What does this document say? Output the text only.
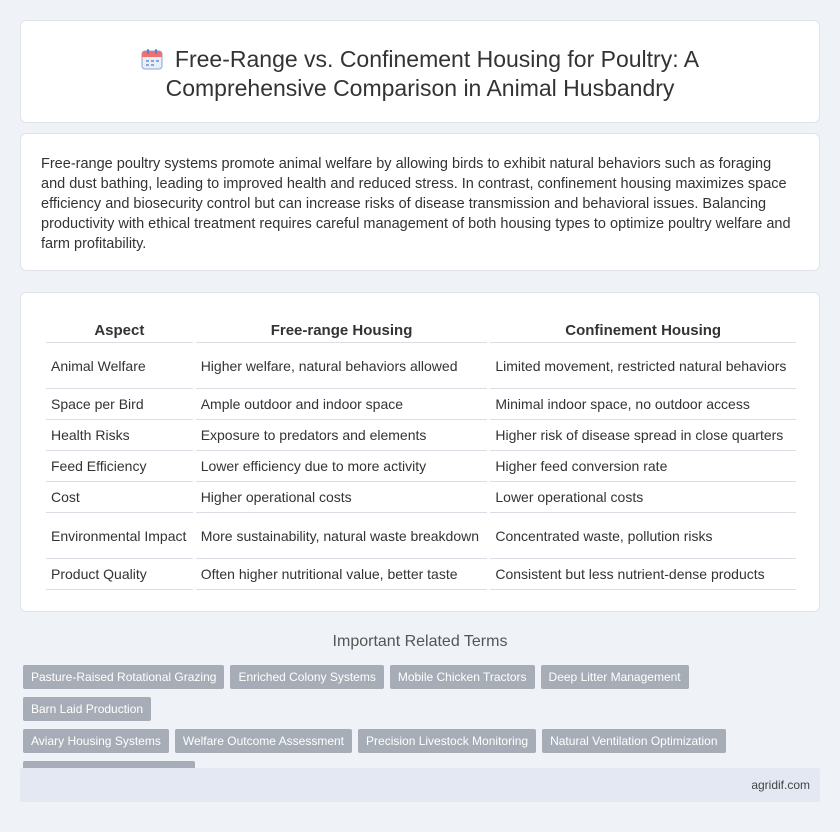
Free-Range vs. Confinement Housing for Poultry: A Comprehensive Comparison in Animal Husbandry

Free-range poultry systems promote animal welfare by allowing birds to exhibit natural behaviors such as foraging and dust bathing, leading to improved health and reduced stress. In contrast, confinement housing maximizes space efficiency and biosecurity control but can increase risks of disease transmission and behavioral issues. Balancing productivity with ethical treatment requires careful management of both housing types to optimize poultry welfare and farm profitability.

Aspect	Free-range Housing	Confinement Housing
Animal Welfare	Higher welfare, natural behaviors allowed	Limited movement, restricted natural behaviors
Space per Bird	Ample outdoor and indoor space	Minimal indoor space, no outdoor access
Health Risks	Exposure to predators and elements	Higher risk of disease spread in close quarters
Feed Efficiency	Lower efficiency due to more activity	Higher feed conversion rate
Cost	Higher operational costs	Lower operational costs
Environmental Impact	More sustainability, natural waste breakdown	Concentrated waste, pollution risks
Product Quality	Often higher nutritional value, better taste	Consistent but less nutrient-dense products
Important Related Terms
Pasture-Raised Rotational Grazing Enriched Colony Systems Mobile Chicken Tractors Deep Litter ManagementBarn Laid Production
Aviary Housing Systems Welfare Outcome Assessment Precision Livestock Monitoring Natural Ventilation Optimization

agridif.com
